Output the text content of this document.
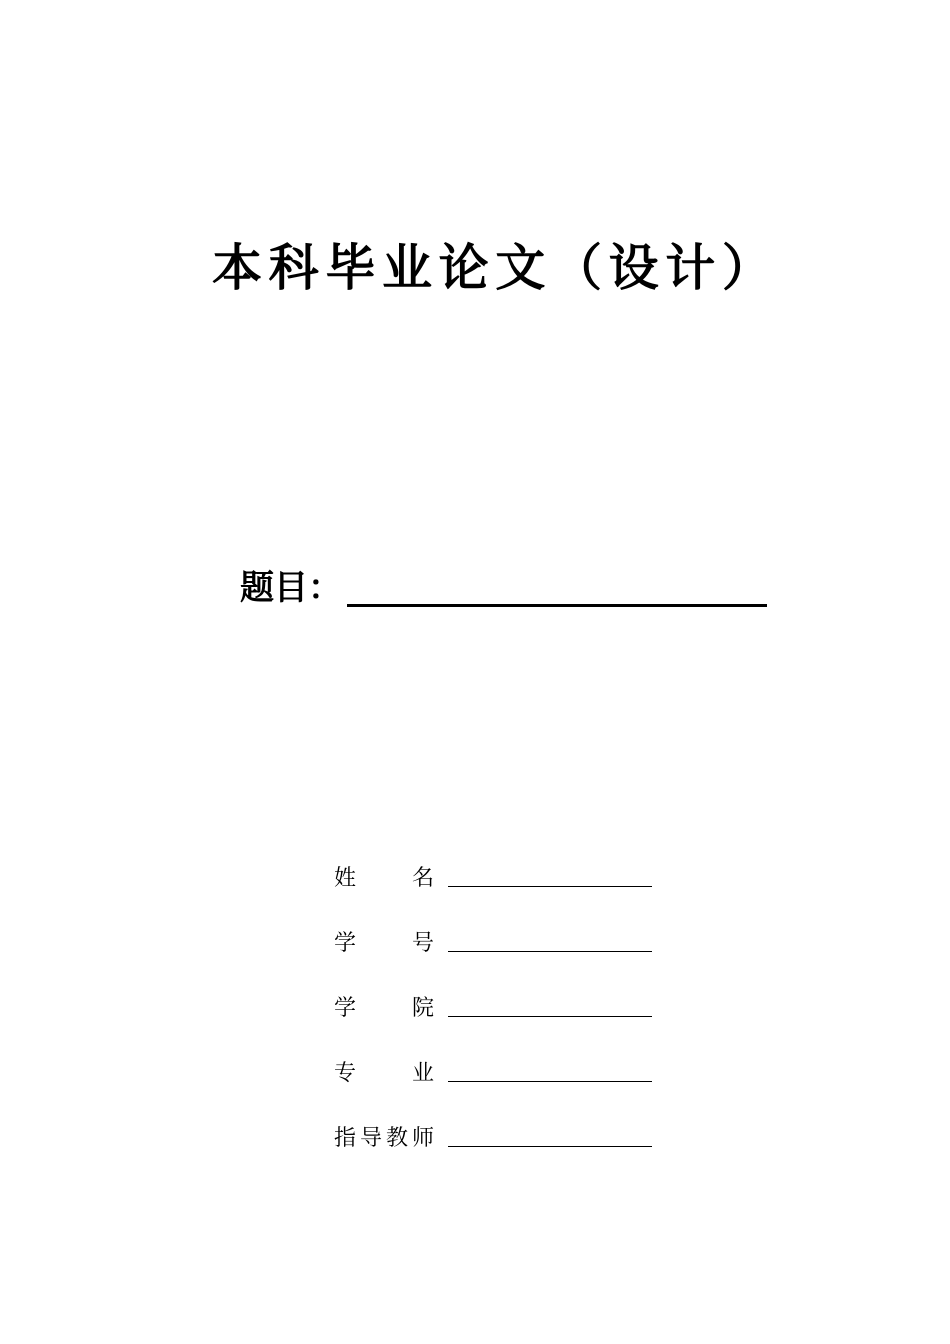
本 科 毕 业 论 文 （ 设 计 ）
题目：
姓	名
学	号
学	院
专	业
指 导 教 师
